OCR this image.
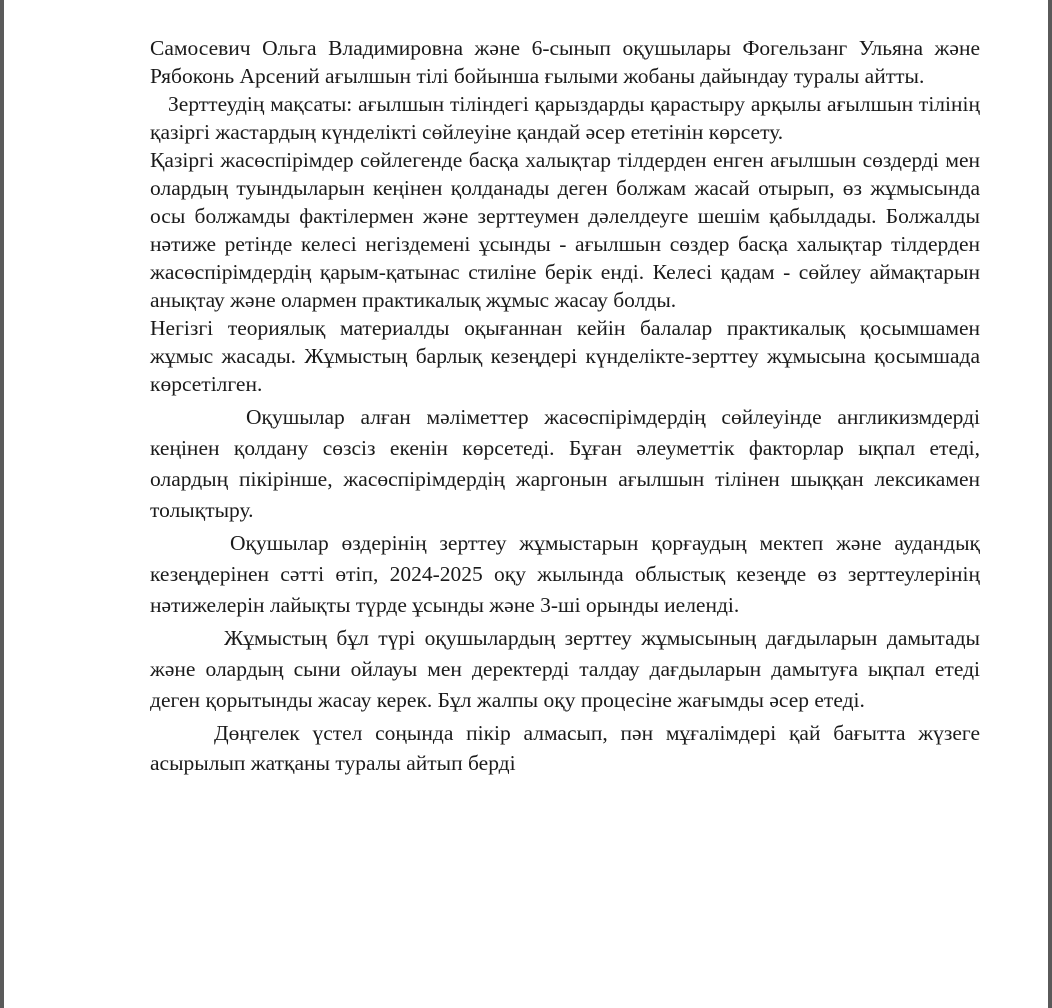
Самосевич Ольга Владимировна және 6-сынып оқушылары Фогельзанг Ульяна және Рябоконь Арсений ағылшын тілі бойынша ғылыми жобаны дайындау туралы айтты.

Зерттеудің мақсаты: ағылшын тіліндегі қарыздарды қарастыру арқылы ағылшын тілінің қазіргі жастардың күнделікті сөйлеуіне қандай әсер ететінін көрсету.

Қазіргі жасөспірімдер сөйлегенде басқа халықтар тілдерден енген ағылшын сөздерді мен олардың туындыларын кеңінен қолданады деген болжам жасай отырып, өз жұмысында осы болжамды фактілермен және зерттеумен дәлелдеуге шешім қабылдады. Болжалды нәтиже ретінде келесі негіздемені ұсынды - ағылшын сөздер басқа халықтар тілдерден жасөспірімдердің қарым-қатынас стиліне берік енді. Келесі қадам - сөйлеу аймақтарын анықтау және олармен практикалық жұмыс жасау болды.

Негізгі теориялық материалды оқығаннан кейін балалар практикалық қосымшамен жұмыс жасады. Жұмыстың барлық кезеңдері күнделікте-зерттеу жұмысына қосымшада көрсетілген.

Оқушылар алған мәліметтер жасөспірімдердің сөйлеуінде англикизмдерді кеңінен қолдану сөзсіз екенін көрсетеді. Бұған әлеуметтік факторлар ықпал етеді, олардың пікірінше, жасөспірімдердің жаргонын ағылшын тілінен шыққан лексикамен толықтыру.

Оқушылар өздерінің зерттеу жұмыстарын қорғаудың мектеп және аудандық кезеңдерінен сәтті өтіп, 2024-2025 оқу жылында облыстық кезеңде өз зерттеулерінің нәтижелерін лайықты түрде ұсынды және 3-ші орынды иеленді.

Жұмыстың бұл түрі оқушылардың зерттеу жұмысының дағдыларын дамытады және олардың сыни ойлауы мен деректерді талдау дағдыларын дамытуға ықпал етеді деген қорытынды жасау керек. Бұл жалпы оқу процесіне жағымды әсер етеді.

Дөңгелек үстел соңында пікір алмасып, пән мұғалімдері қай бағытта жүзеге асырылып жатқаны туралы айтып берді
